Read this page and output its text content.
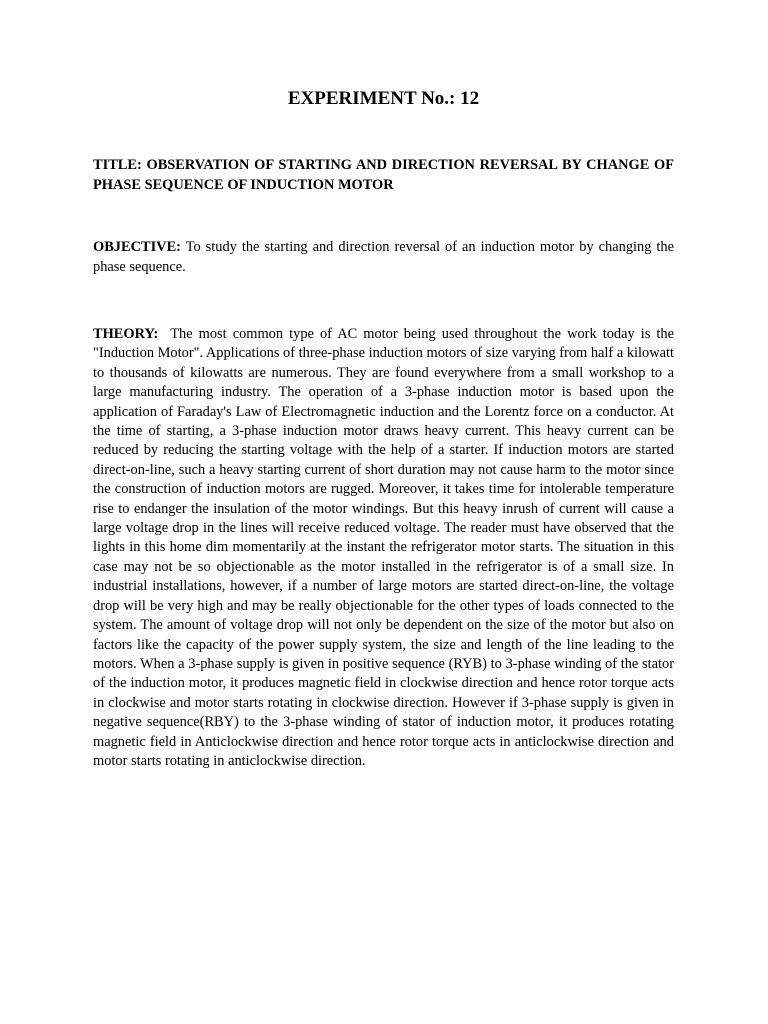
EXPERIMENT No.: 12

TITLE: OBSERVATION OF STARTING AND DIRECTION REVERSAL BY CHANGE OF PHASE SEQUENCE OF INDUCTION MOTOR

OBJECTIVE: To study the starting and direction reversal of an induction motor by changing the phase sequence.

THEORY: The most common type of AC motor being used throughout the work today is the "Induction Motor". Applications of three-phase induction motors of size varying from half a kilowatt to thousands of kilowatts are numerous. They are found everywhere from a small workshop to a large manufacturing industry. The operation of a 3-phase induction motor is based upon the application of Faraday's Law of Electromagnetic induction and the Lorentz force on a conductor. At the time of starting, a 3-phase induction motor draws heavy current. This heavy current can be reduced by reducing the starting voltage with the help of a starter. If induction motors are started direct-on-line, such a heavy starting current of short duration may not cause harm to the motor since the construction of induction motors are rugged. Moreover, it takes time for intolerable temperature rise to endanger the insulation of the motor windings. But this heavy inrush of current will cause a large voltage drop in the lines will receive reduced voltage. The reader must have observed that the lights in this home dim momentarily at the instant the refrigerator motor starts. The situation in this case may not be so objectionable as the motor installed in the refrigerator is of a small size. In industrial installations, however, if a number of large motors are started direct-on-line, the voltage drop will be very high and may be really objectionable for the other types of loads connected to the system. The amount of voltage drop will not only be dependent on the size of the motor but also on factors like the capacity of the power supply system, the size and length of the line leading to the motors. When a 3-phase supply is given in positive sequence (RYB) to 3-phase winding of the stator of the induction motor, it produces magnetic field in clockwise direction and hence rotor torque acts in clockwise and motor starts rotating in clockwise direction. However if 3-phase supply is given in negative sequence(RBY) to the 3-phase winding of stator of induction motor, it produces rotating magnetic field in Anticlockwise direction and hence rotor torque acts in anticlockwise direction and motor starts rotating in anticlockwise direction.
